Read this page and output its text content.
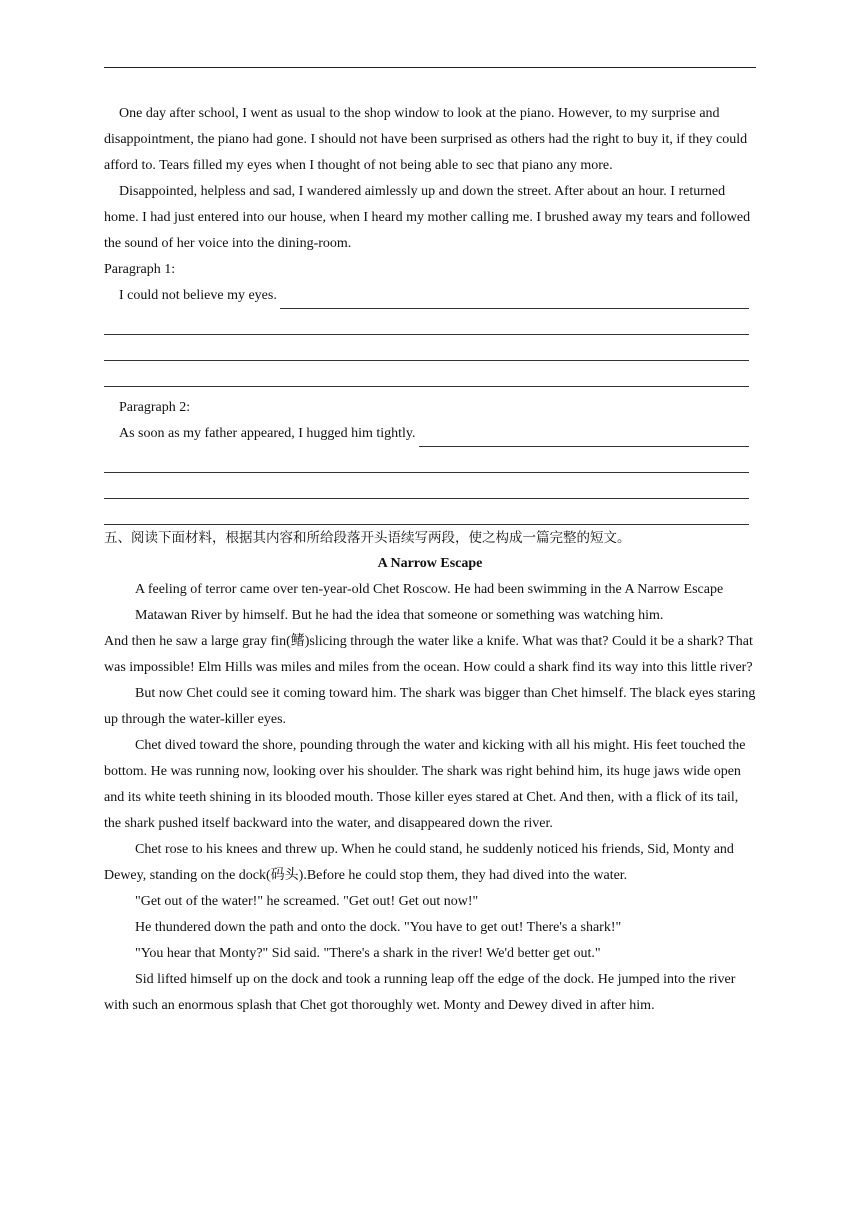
One day after school, I went as usual to the shop window to look at the piano. However, to my surprise and disappointment, the piano had gone. I should not have been surprised as others had the right to buy it, if they could afford to. Tears filled my eyes when I thought of not being able to sec that piano any more.

Disappointed, helpless and sad, I wandered aimlessly up and down the street. After about an hour. I returned home. I had just entered into our house, when I heard my mother calling me. I brushed away my tears and followed the sound of her voice into the dining-room.

Paragraph 1:

I could not believe my eyes.

Paragraph 2:

As soon as my father appeared, I hugged him tightly.

五、阅读下面材料，根据其内容和所给段落开头语续写两段，使之构成一篇完整的短文。

A Narrow Escape

A feeling of terror came over ten-year-old Chet Roscow. He had been swimming in the A Narrow Escape

Matawan River by himself. But he had the idea that someone or something was watching him.

And then he saw a large gray fin(鳍)slicing through the water like a knife. What was that? Could it be a shark? That was impossible! Elm Hills was miles and miles from the ocean. How could a shark find its way into this little river?

But now Chet could see it coming toward him. The shark was bigger than Chet himself. The black eyes staring up through the water-killer eyes.

Chet dived toward the shore, pounding through the water and kicking with all his might. His feet touched the bottom. He was running now, looking over his shoulder. The shark was right behind him, its huge jaws wide open and its white teeth shining in its blooded mouth. Those killer eyes stared at Chet. And then, with a flick of its tail, the shark pushed itself backward into the water, and disappeared down the river.

Chet rose to his knees and threw up. When he could stand, he suddenly noticed his friends, Sid, Monty and Dewey, standing on the dock(码头).Before he could stop them, they had dived into the water.

"Get out of the water!" he screamed. "Get out! Get out now!"

He thundered down the path and onto the dock. "You have to get out! There's a shark!"

"You hear that Monty?" Sid said. "There's a shark in the river! We'd better get out."

Sid lifted himself up on the dock and took a running leap off the edge of the dock. He jumped into the river with such an enormous splash that Chet got thoroughly wet. Monty and Dewey dived in after him.
